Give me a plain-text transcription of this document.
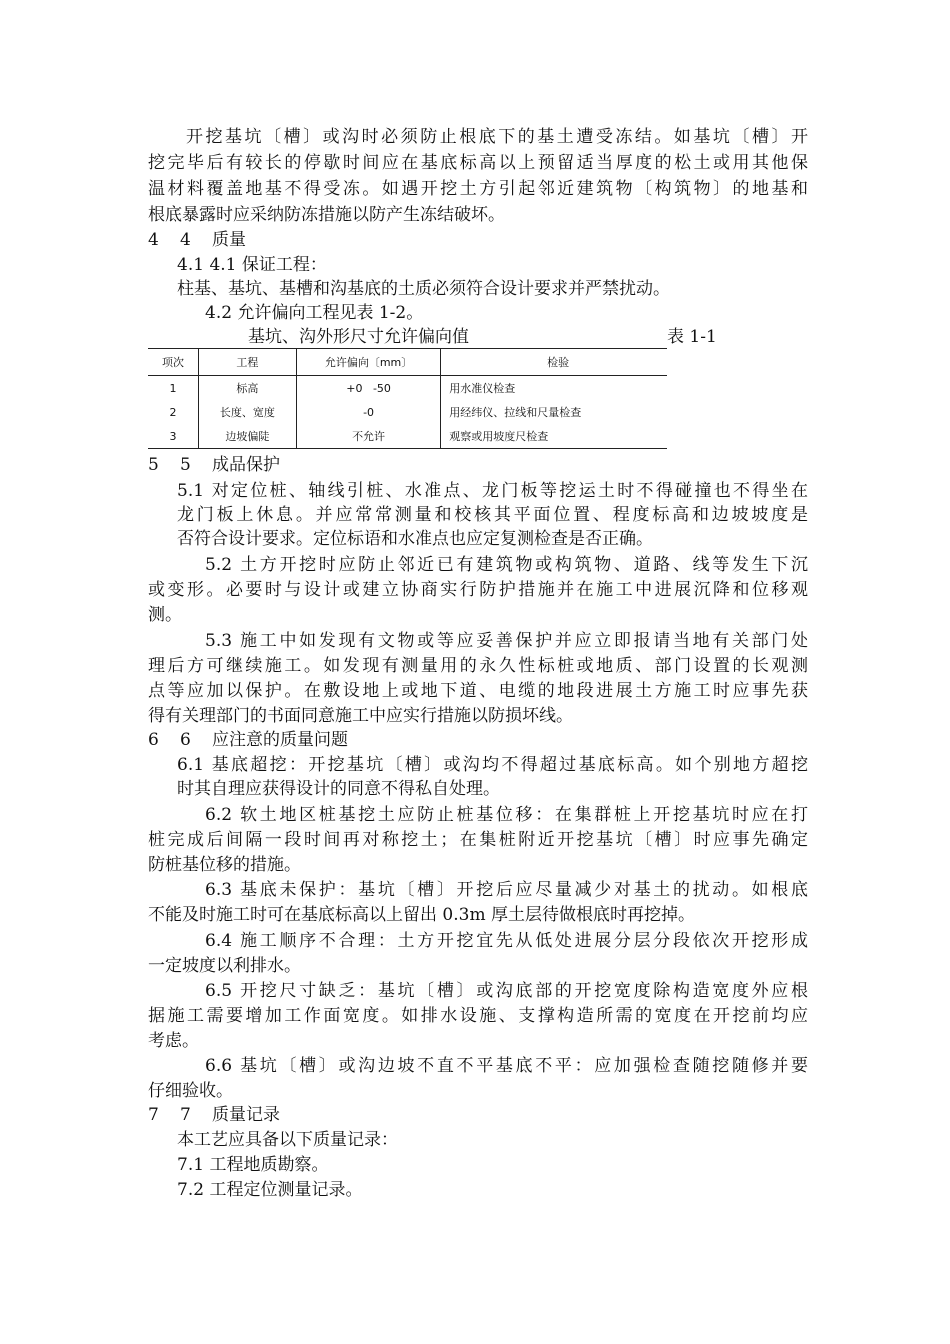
开挖基坑〔槽〕或沟时必须防止根底下的基土遭受冻结。如基坑〔槽〕开
挖完毕后有较长的停歇时间应在基底标高以上预留适当厚度的松土或用其他保
温材料覆盖地基不得受冻。如遇开挖土方引起邻近建筑物〔构筑物〕的地基和
根底暴露时应采纳防冻措施以防产生冻结破坏。
4 4 质量
4.1 4.1 保证工程：
柱基、基坑、基槽和沟基底的土质必须符合设计要求并严禁扰动。
4.2 允许偏向工程见表 1-2。
基坑、沟外形尺寸允许偏向值	表 1-1
项次	工程	允许偏向〔mm〕	检验
1	标高	+0   -50	用水准仪检查
2	长度、宽度	-0	用经纬仪、拉线和尺量检查
3	边坡偏陡	不允许	观察或用坡度尺检查
5 5 成品保护
5.1 对定位桩、轴线引桩、水准点、龙门板等挖运土时不得碰撞也不得坐在
龙门板上休息。并应常常测量和校核其平面位置、程度标高和边坡坡度是
否符合设计要求。定位标语和水准点也应定复测检查是否正确。
5.2 土方开挖时应防止邻近已有建筑物或构筑物、道路、线等发生下沉
或变形。必要时与设计或建立协商实行防护措施并在施工中进展沉降和位移观
测。
5.3 施工中如发现有文物或等应妥善保护并应立即报请当地有关部门处
理后方可继续施工。如发现有测量用的永久性标桩或地质、部门设置的长观测
点等应加以保护。在敷设地上或地下道、电缆的地段进展土方施工时应事先获
得有关理部门的书面同意施工中应实行措施以防损坏线。
6 6 应注意的质量问题
6.1 基底超挖：开挖基坑〔槽〕或沟均不得超过基底标高。如个别地方超挖
时其自理应获得设计的同意不得私自处理。
6.2 软土地区桩基挖土应防止桩基位移：在集群桩上开挖基坑时应在打
桩完成后间隔一段时间再对称挖土；在集桩附近开挖基坑〔槽〕时应事先确定
防桩基位移的措施。
6.3 基底未保护：基坑〔槽〕开挖后应尽量减少对基土的扰动。如根底
不能及时施工时可在基底标高以上留出 0.3m 厚土层待做根底时再挖掉。
6.4 施工顺序不合理：土方开挖宜先从低处进展分层分段依次开挖形成
一定坡度以利排水。
6.5 开挖尺寸缺乏：基坑〔槽〕或沟底部的开挖宽度除构造宽度外应根
据施工需要增加工作面宽度。如排水设施、支撑构造所需的宽度在开挖前均应
考虑。
6.6 基坑〔槽〕或沟边坡不直不平基底不平：应加强检查随挖随修并要
仔细验收。
7 7 质量记录
本工艺应具备以下质量记录：
7.1 工程地质勘察。
7.2 工程定位测量记录。
